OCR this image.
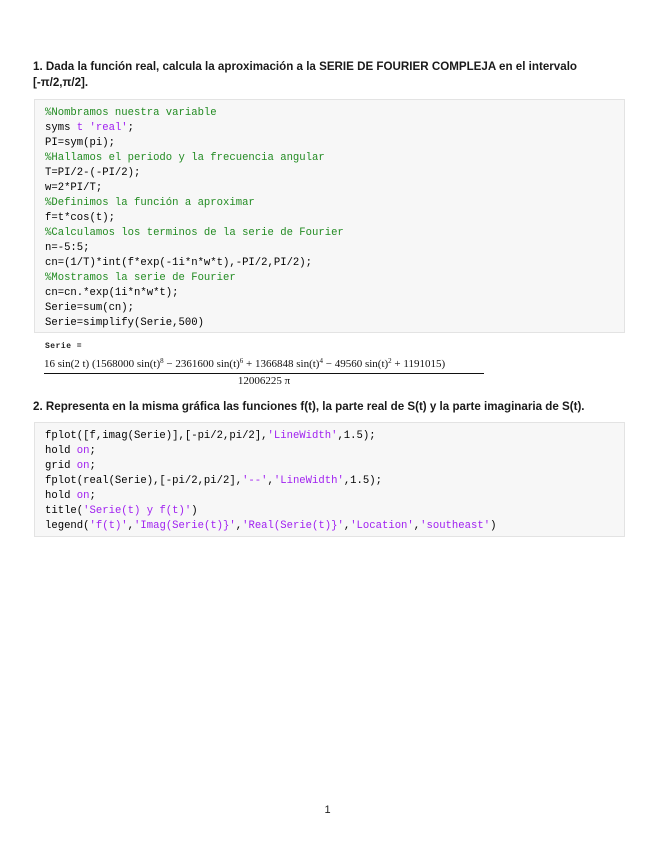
1. Dada la función real, calcula la aproximación a la SERIE DE FOURIER COMPLEJA en el intervalo
[-π/2,π/2].

%Nombramos nuestra variable
syms t 'real';
PI=sym(pi);
%Hallamos el periodo y la frecuencia angular
T=PI/2-(-PI/2);
w=2*PI/T;
%Definimos la función a aproximar
f=t*cos(t);
%Calculamos los terminos de la serie de Fourier
n=-5:5;
cn=(1/T)*int(f*exp(-1i*n*w*t),-PI/2,PI/2);
%Mostramos la serie de Fourier
cn=cn.*exp(1i*n*w*t);
Serie=sum(cn);
Serie=simplify(Serie,500)
Serie =
16 sin(2 t) (1568000 $\sin(t)^8 - 2361600$ $\sin(t)^6 + 1366848$ $\sin(t)^4 - 49560$ $\sin(t)^2 + 1191015$)
12006225 π

2. Representa en la misma gráfica las funciones f(t), la parte real de S(t) y la parte imaginaria de S(t).

fplot([f,imag(Serie)],[-pi/2,pi/2],'LineWidth',1.5);
hold on;
grid on;
fplot(real(Serie),[-pi/2,pi/2],'--','LineWidth',1.5);
hold on;
title('Serie(t) y f(t)')
legend('f(t)','Imag(Serie(t)}','Real(Serie(t)}','Location','southeast')
1
